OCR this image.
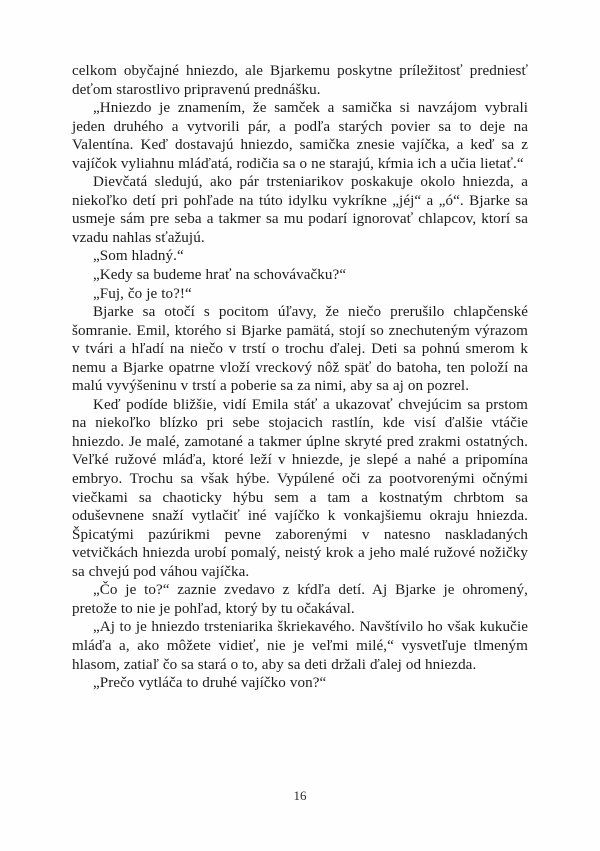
celkom obyčajné hniezdo, ale Bjarkemu poskytne príležitosť predniesť deťom starostlivo pripravenú prednášku.

„Hniezdo je znamením, že samček a samička si navzájom vybrali jeden druhého a vytvorili pár, a podľa starých povier sa to deje na Valentína. Keď dostavajú hniezdo, samička znesie vajíčka, a keď sa z vajíčok vyliahnu mláďatá, rodičia sa o ne starajú, kŕmia ich a učia lietať.“

Dievčatá sledujú, ako pár trsteniarikov poskakuje okolo hniezda, a niekoľko detí pri pohľade na túto idylku vykríkne „jéj“ a „ó“. Bjarke sa usmeje sám pre seba a takmer sa mu podarí ignorovať chlapcov, ktorí sa vzadu nahlas sťažujú.

„Som hladný.“

„Kedy sa budeme hrať na schovávačku?“

„Fuj, čo je to?!“

Bjarke sa otočí s pocitom úľavy, že niečo prerušilo chlapčenské šomranie. Emil, ktorého si Bjarke pamätá, stojí so znechuteným výrazom v tvári a hľadí na niečo v trstí o trochu ďalej. Deti sa pohnú smerom k nemu a Bjarke opatrne vloží vreckový nôž späť do batoha, ten položí na malú vyvýšeninu v trstí a poberie sa za nimi, aby sa aj on pozrel.

Keď podíde bližšie, vidí Emila stáť a ukazovať chvejúcim sa prstom na niekoľko blízko pri sebe stojacich rastlín, kde visí ďalšie vtáčie hniezdo. Je malé, zamotané a takmer úplne skryté pred zrakmi ostatných. Veľké ružové mláďa, ktoré leží v hniezde, je slepé a nahé a pripomína embryo. Trochu sa však hýbe. Vypúlené oči za pootvorenými očnými viečkami sa chaoticky hýbu sem a tam a kostnatým chrbtom sa oduševnene snaží vytlačiť iné vajíčko k vonkajšiemu okraju hniezda. Špicatými pazúrikmi pevne zaborenými v natesno naskladaných vetvičkách hniezda urobí pomalý, neistý krok a jeho malé ružové nožičky sa chvejú pod váhou vajíčka.

„Čo je to?“ zaznie zvedavo z kŕdľa detí. Aj Bjarke je ohromený, pretože to nie je pohľad, ktorý by tu očakával.

„Aj to je hniezdo trsteniarika škriekavého. Navštívilo ho však kukučie mláďa a, ako môžete vidieť, nie je veľmi milé,“ vysvetľuje tlmeným hlasom, zatiaľ čo sa stará o to, aby sa deti držali ďalej od hniezda.

„Prečo vytláča to druhé vajíčko von?“

16
